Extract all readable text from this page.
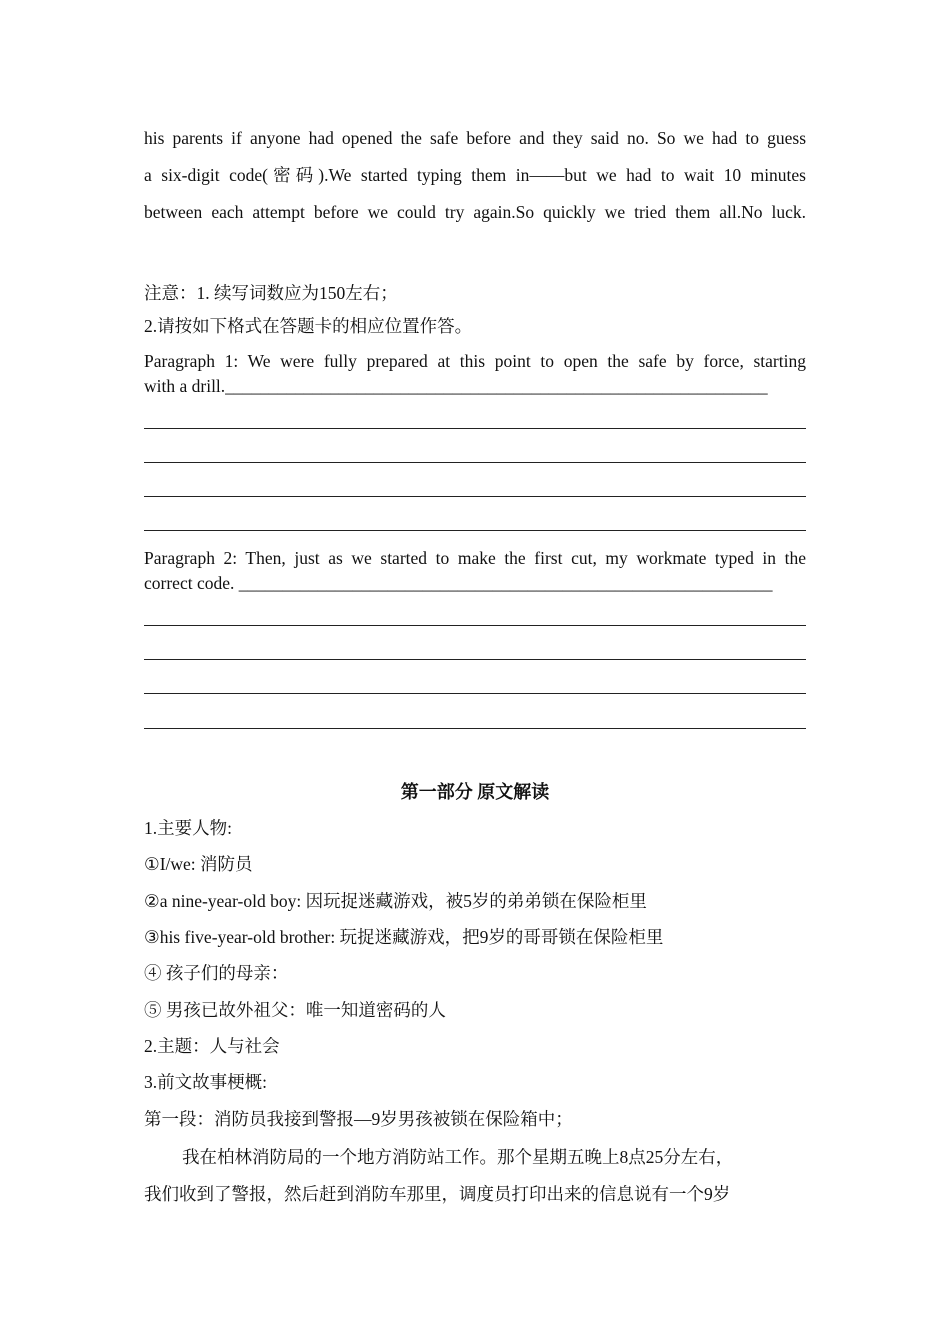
his parents if anyone had opened the safe before and they said no. So we had to guess
a six-digit code(密码).We started typing them in——but we had to wait 10 minutes
between each attempt before we could try again.So quickly we tried them all.No luck.
注意：1. 续写词数应为150左右；
2.请按如下格式在答题卡的相应位置作答。
Paragraph 1: We were fully prepared at this point to open the safe by force, starting
with a drill.______________________________________________________________
Paragraph 2: Then, just as we started to make the first cut, my workmate typed in the
correct code. _____________________________________________________________
第一部分 原文解读
1.主要人物:
①I/we: 消防员
②a nine-year-old boy: 因玩捉迷藏游戏，被5岁的弟弟锁在保险柜里
③his five-year-old brother: 玩捉迷藏游戏，把9岁的哥哥锁在保险柜里
④ 孩子们的母亲：
⑤ 男孩已故外祖父：唯一知道密码的人
2.主题：人与社会
3.前文故事梗概:
第一段：消防员我接到警报—9岁男孩被锁在保险箱中；
我在柏林消防局的一个地方消防站工作。那个星期五晚上8点25分左右，
我们收到了警报，然后赶到消防车那里，调度员打印出来的信息说有一个9岁
